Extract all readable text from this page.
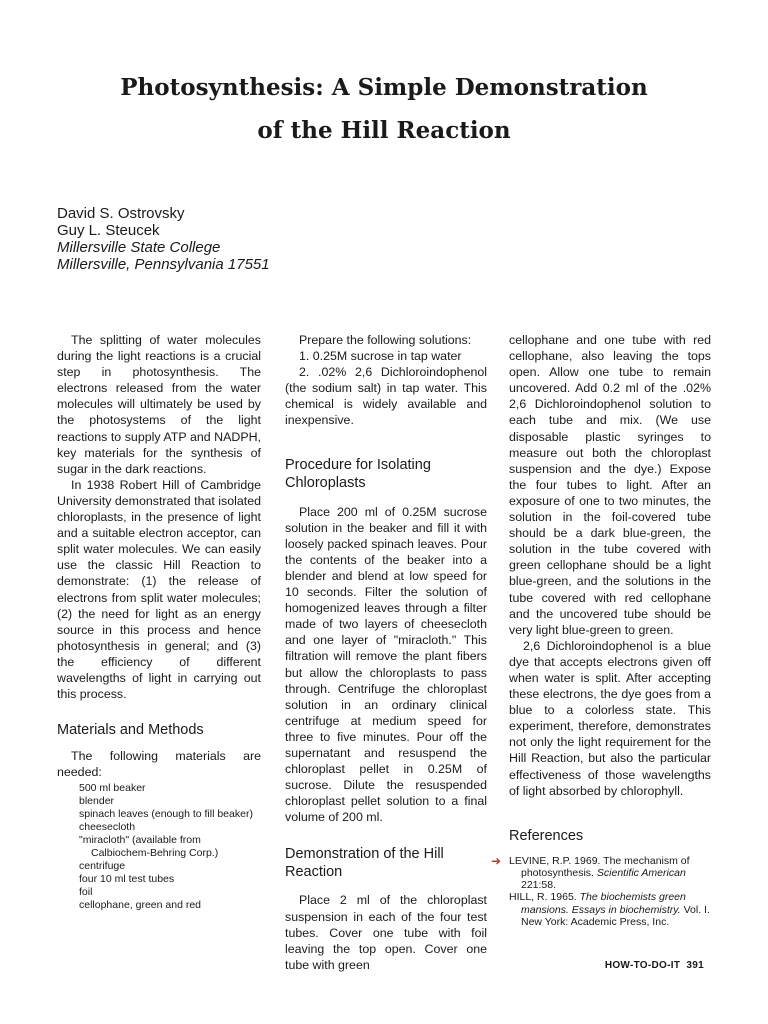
Photosynthesis: A Simple Demonstration
of the Hill Reaction
David S. Ostrovsky
Guy L. Steucek
Millersville State College
Millersville, Pennsylvania 17551

The splitting of water molecules during the light reactions is a crucial step in photosynthesis. The electrons released from the water molecules will ultimately be used by the photosystems of the light reactions to supply ATP and NADPH, key materials for the synthesis of sugar in the dark reactions.

In 1938 Robert Hill of Cambridge University demonstrated that isolated chloroplasts, in the presence of light and a suitable electron acceptor, can split water molecules. We can easily use the classic Hill Reaction to demonstrate: (1) the release of electrons from split water molecules; (2) the need for light as an energy source in this process and hence photosynthesis in general; and (3) the efficiency of different wavelengths of light in carrying out this process.

Materials and Methods

The following materials are needed:

500 ml beaker
blender
spinach leaves (enough to fill beaker)
cheesecloth
"miracloth" (available from Calbiochem-Behring Corp.)
centrifuge
four 10 ml test tubes
foil
cellophane, green and red

Prepare the following solutions:

1. 0.25M sucrose in tap water
2. .02% 2,6 Dichloroindophenol (the sodium salt) in tap water. This chemical is widely available and inexpensive.
Procedure for Isolating Chloroplasts

Place 200 ml of 0.25M sucrose solution in the beaker and fill it with loosely packed spinach leaves. Pour the contents of the beaker into a blender and blend at low speed for 10 seconds. Filter the solution of homogenized leaves through a filter made of two layers of cheesecloth and one layer of "miracloth." This filtration will remove the plant fibers but allow the chloroplasts to pass through. Centrifuge the chloroplast solution in an ordinary clinical centrifuge at medium speed for three to five minutes. Pour off the supernatant and resuspend the chloroplast pellet in 0.25M of sucrose. Dilute the resuspended chloroplast pellet solution to a final volume of 200 ml.

Demonstration of the Hill Reaction

Place 2 ml of the chloroplast suspension in each of the four test tubes. Cover one tube with foil leaving the top open. Cover one tube with green

cellophane and one tube with red cellophane, also leaving the tops open. Allow one tube to remain uncovered. Add 0.2 ml of the .02% 2,6 Dichloroindophenol solution to each tube and mix. (We use disposable plastic syringes to measure out both the chloroplast suspension and the dye.) Expose the four tubes to light. After an exposure of one to two minutes, the solution in the foil-covered tube should be a dark blue-green, the solution in the tube covered with green cellophane should be a light blue-green, and the solutions in the tube covered with red cellophane and the uncovered tube should be very light blue-green to green.

2,6 Dichloroindophenol is a blue dye that accepts electrons given off when water is split. After accepting these electrons, the dye goes from a blue to a colorless state. This experiment, therefore, demonstrates not only the light requirement for the Hill Reaction, but also the particular effectiveness of those wavelengths of light absorbed by chlorophyll.

References
➜ LEVINE, R.P. 1969. The mechanism of photosynthesis. Scientific American 221:58.
HILL, R. 1965. The biochemists green mansions. Essays in biochemistry. Vol. I. New York: Academic Press, Inc.
HOW-TO-DO-IT 391
